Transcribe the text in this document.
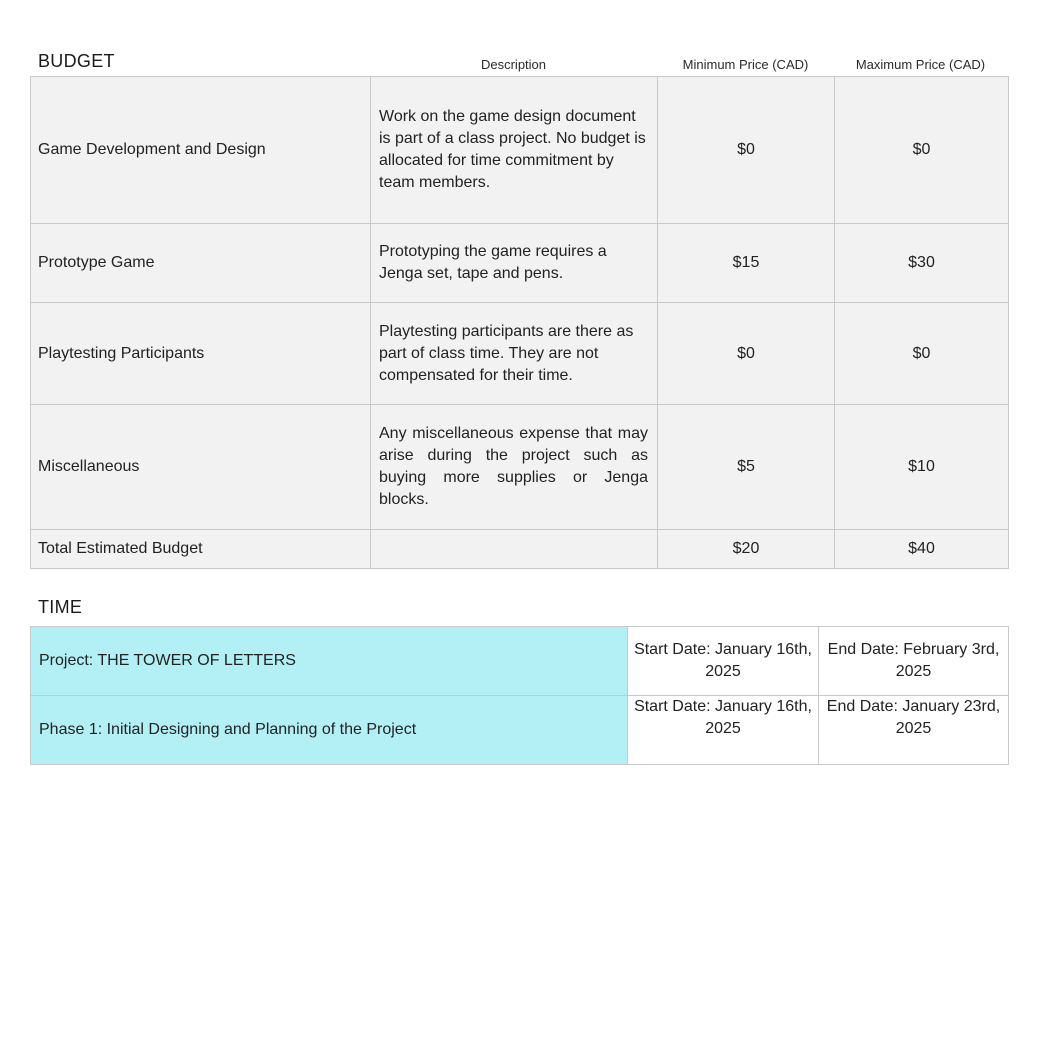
BUDGET	Description	Minimum Price (CAD)	Maximum Price (CAD)
Game Development and Design	Work on the game design document is part of a class project. No budget is allocated for time commitment by team members.	$0	$0
Prototype Game	Prototyping the game requires a Jenga set, tape and pens.	$15	$30
Playtesting Participants	Playtesting participants are there as part of class time. They are not compensated for their time.	$0	$0
Miscellaneous	Any miscellaneous expense that may arise during the project such as buying more supplies or Jenga blocks.	$5	$10
Total Estimated Budget		$20	$40
TIME
Project: THE TOWER OF LETTERS	Start Date: January 16th, 2025	End Date: February 3rd, 2025
Phase 1: Initial Designing and Planning of the Project	Start Date: January 16th, 2025	End Date: January 23rd, 2025
